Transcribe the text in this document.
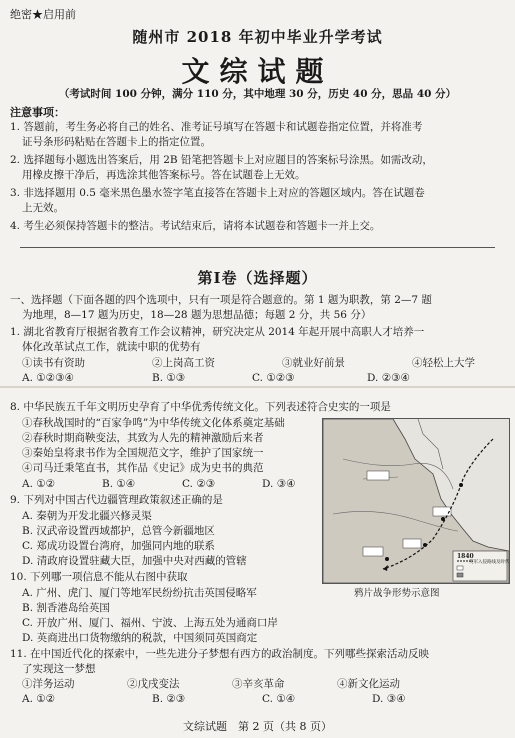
绝密★启用前
随州市 2018 年初中毕业升学考试
文综试题
（考试时间 100 分钟，满分 110 分，其中地理 30 分，历史 40 分，思品 40 分）
注意事项：
1. 答题前，考生务必将自己的姓名、准考证号填写在答题卡和试题卷指定位置，并将准考
证号条形码粘贴在答题卡上的指定位置。
2. 选择题每小题选出答案后，用 2B 铅笔把答题卡上对应题目的答案标号涂黑。如需改动，
用橡皮擦干净后，再选涂其他答案标号。答在试题卷上无效。
3. 非选择题用 0.5 毫米黑色墨水签字笔直接答在答题卡上对应的答题区域内。答在试题卷
上无效。
4. 考生必须保持答题卡的整洁。考试结束后，请将本试题卷和答题卡一并上交。
第Ⅰ卷（选择题）
一、选择题（下面各题的四个选项中，只有一项是符合题意的。第 1 题为职教，第 2—7 题
为地理，8—17 题为历史，18—28 题为思想品德；每题 2 分，共 56 分）
1. 湖北省教育厅根据省教育工作会议精神，研究决定从 2014 年起开展中高职人才培养一
体化改革试点工作，就读中职的优势有
①读书有资助	②上岗高工资	③就业好前景	④轻松上大学
A. ①②③④	B. ①③	C. ①②③	D. ②③④
8. 中华民族五千年文明历史孕育了中华优秀传统文化。下列表述符合史实的一项是
①春秋战国时的“百家争鸣”为中华传统文化体系奠定基础
②春秋时期商鞅变法，其致为人先的精神激励后来者
③秦始皇将隶书作为全国规范文字，维护了国家统一
④司马迁秉笔直书，其作品《史记》成为史书的典范
A. ①②	B. ①④	C. ②③	D. ③④
9. 下列对中国古代边疆管理政策叙述正确的是
A. 秦朝为开发北疆兴修灵渠
B. 汉武帝设置西域都护，总管今新疆地区
C. 郑成功设置台湾府，加强同内地的联系
D. 清政府设置驻藏大臣，加强中央对西藏的管辖
10. 下列哪一项信息不能从右图中获取
A. 广州、虎门、厦门等地军民纷纷抗击英国侵略军
B. 割香港岛给英国
C. 开放广州、厦门、福州、宁波、上海五处为通商口岸
D. 英商进出口货物缴纳的税款，中国须同英国商定
11. 在中国近代化的探索中，一些先进分子梦想有西方的政治制度。下列哪些探索活动反映
了实现这一梦想
①洋务运动	②戊戌变法	③辛亥革命	④新文化运动
A. ①②	B. ②③	C. ①④	D. ③④
1840
英军入侵路线及时代
鸦片战争形势示意图
文综试题　第 2 页（共 8 页）
